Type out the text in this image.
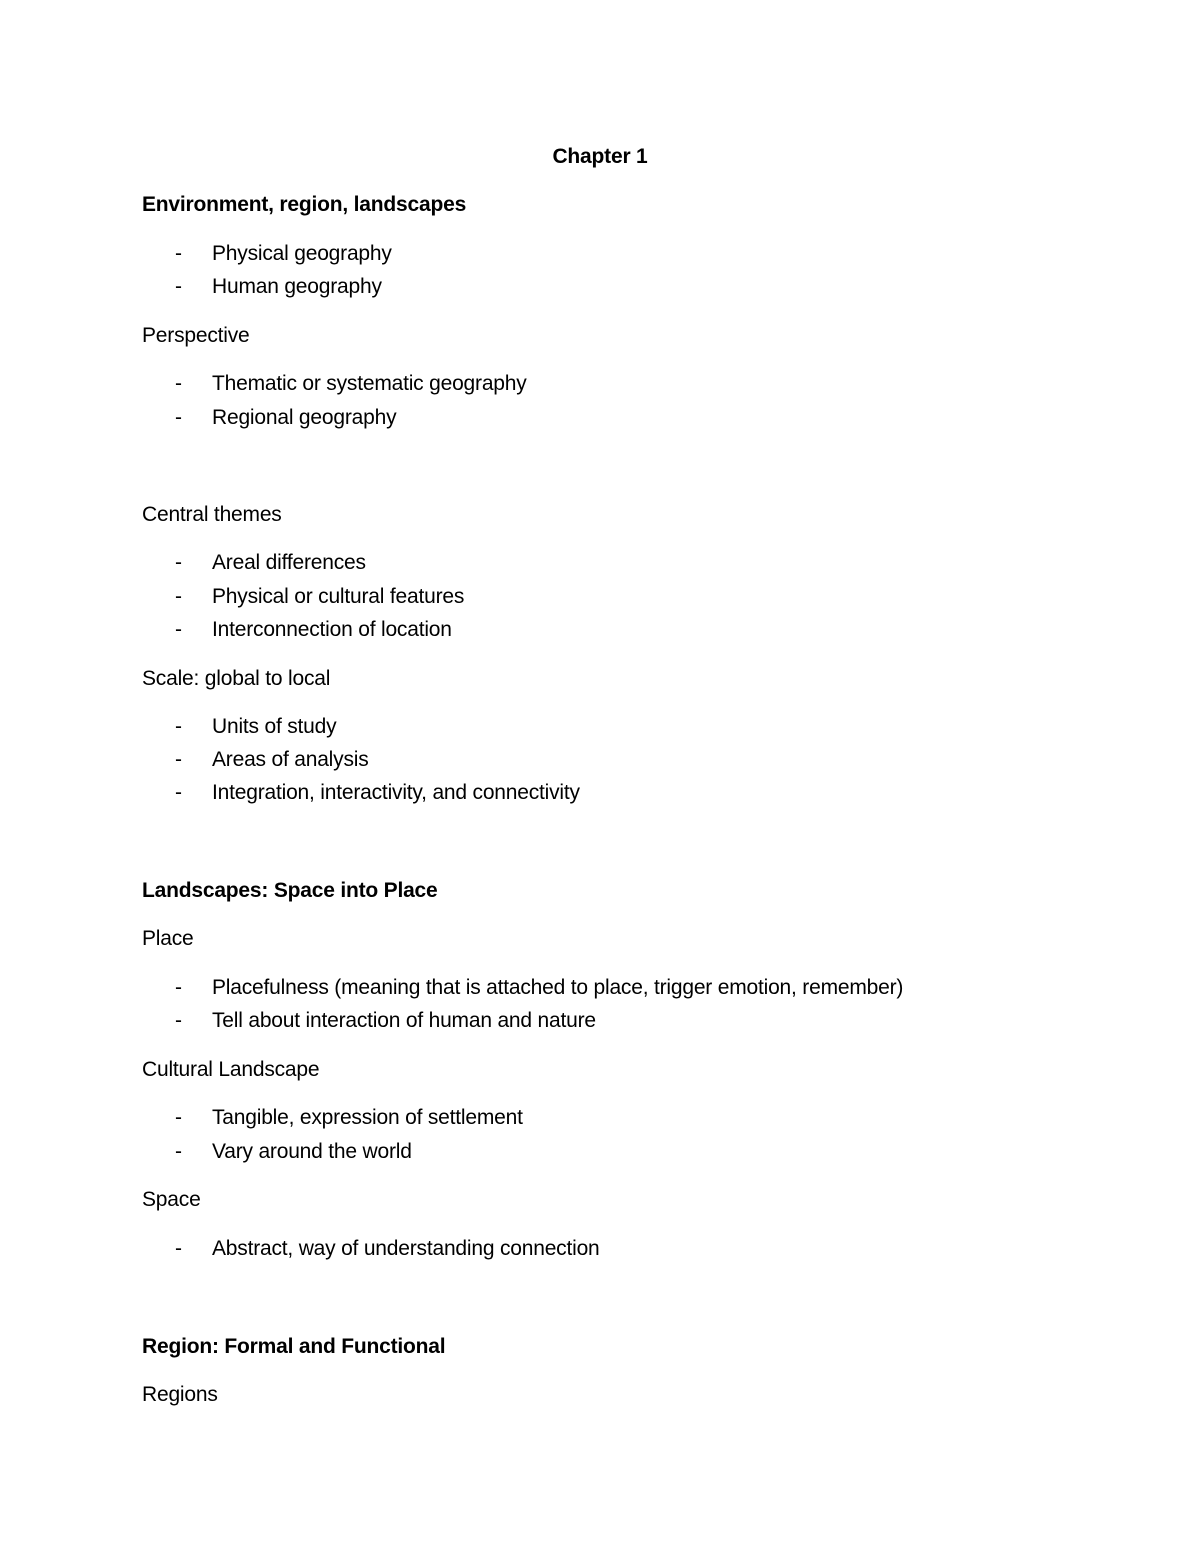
Chapter 1
Environment, region, landscapes
- Physical geography
- Human geography
Perspective
- Thematic or systematic geography
- Regional geography
Central themes
- Areal differences
- Physical or cultural features
- Interconnection of location
Scale: global to local
- Units of study
- Areas of analysis
- Integration, interactivity, and connectivity
Landscapes: Space into Place
Place
- Placefulness (meaning that is attached to place, trigger emotion, remember)
- Tell about interaction of human and nature
Cultural Landscape
- Tangible, expression of settlement
- Vary around the world
Space
- Abstract, way of understanding connection
Region: Formal and Functional
Regions
